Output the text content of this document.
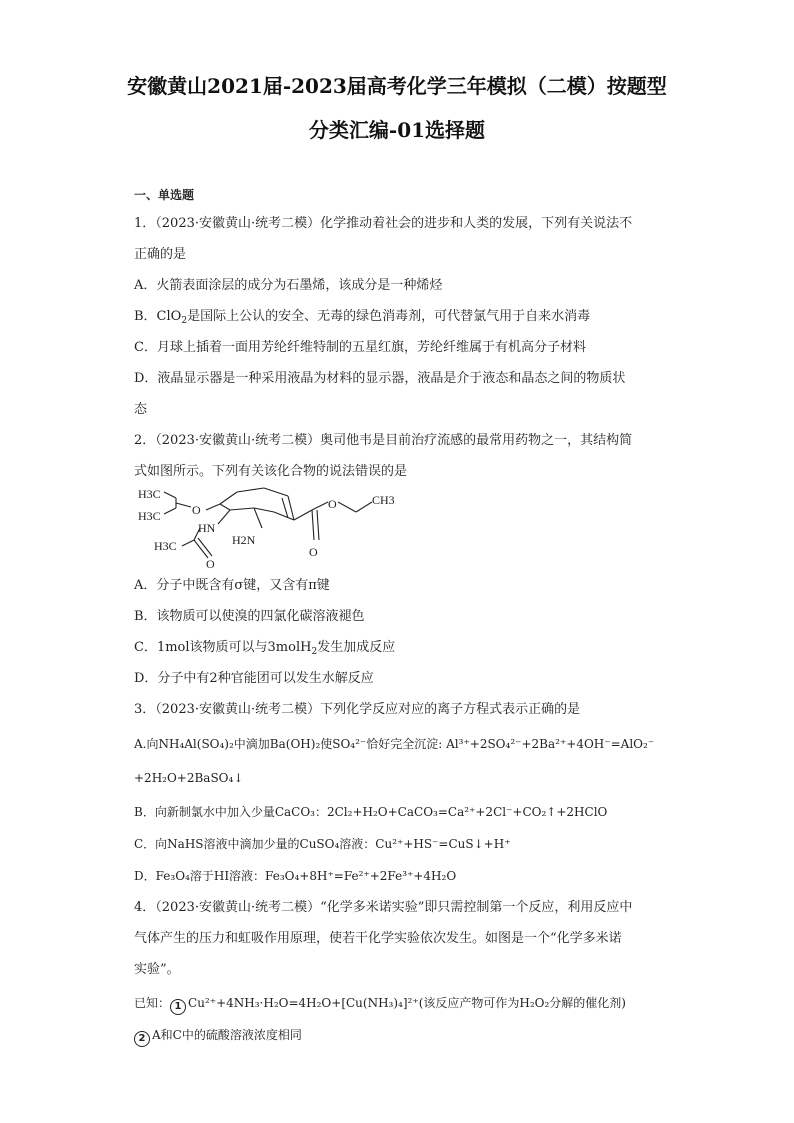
安徽黄山2021届-2023届高考化学三年模拟（二模）按题型
分类汇编-01选择题
一、单选题
1．（2023·安徽黄山·统考二模）化学推动着社会的进步和人类的发展，下列有关说法不
正确的是
A．火箭表面涂层的成分为石墨烯，该成分是一种烯烃
B．ClO$_2$是国际上公认的安全、无毒的绿色消毒剂，可代替氯气用于自来水消毒
C．月球上插着一面用芳纶纤维特制的五星红旗，芳纶纤维属于有机高分子材料
D．液晶显示器是一种采用液晶为材料的显示器，液晶是介于液态和晶态之间的物质状
态
2．（2023·安徽黄山·统考二模）奥司他韦是目前治疗流感的最常用药物之一，其结构简
式如图所示。下列有关该化合物的说法错误的是
H3C
H3C	O
HN
H2N
H3C
O
O
O	CH3
A．分子中既含有σ键，又含有π键
B．该物质可以使溴的四氯化碳溶液褪色
C．1mol该物质可以与3molH$_2$发生加成反应
D．分子中有2种官能团可以发生水解反应
3．（2023·安徽黄山·统考二模）下列化学反应对应的离子方程式表示正确的是
A.向NH₄Al(SO₄)₂中滴加Ba(OH)₂使SO₄²⁻恰好完全沉淀: Al³⁺+2SO₄²⁻+2Ba²⁺+4OH⁻=AlO₂⁻
+2H₂O+2BaSO₄↓
B．向新制氯水中加入少量CaCO₃：2Cl₂+H₂O+CaCO₃=Ca²⁺+2Cl⁻+CO₂↑+2HClO
C．向NaHS溶液中滴加少量的CuSO₄溶液：Cu²⁺+HS⁻=CuS↓+H⁺
D．Fe₃O₄溶于HI溶液：Fe₃O₄+8H⁺=Fe²⁺+2Fe³⁺+4H₂O
4．（2023·安徽黄山·统考二模）“化学多米诺实验”即只需控制第一个反应，利用反应中
气体产生的压力和虹吸作用原理，使若干化学实验依次发生。如图是一个“化学多米诺
实验”。
已知： 1 Cu²⁺+4NH₃·H₂O=4H₂O+[Cu(NH₃)₄]²⁺(该反应产物可作为H₂O₂分解的催化剂)
2 A和C中的硫酸溶液浓度相同
